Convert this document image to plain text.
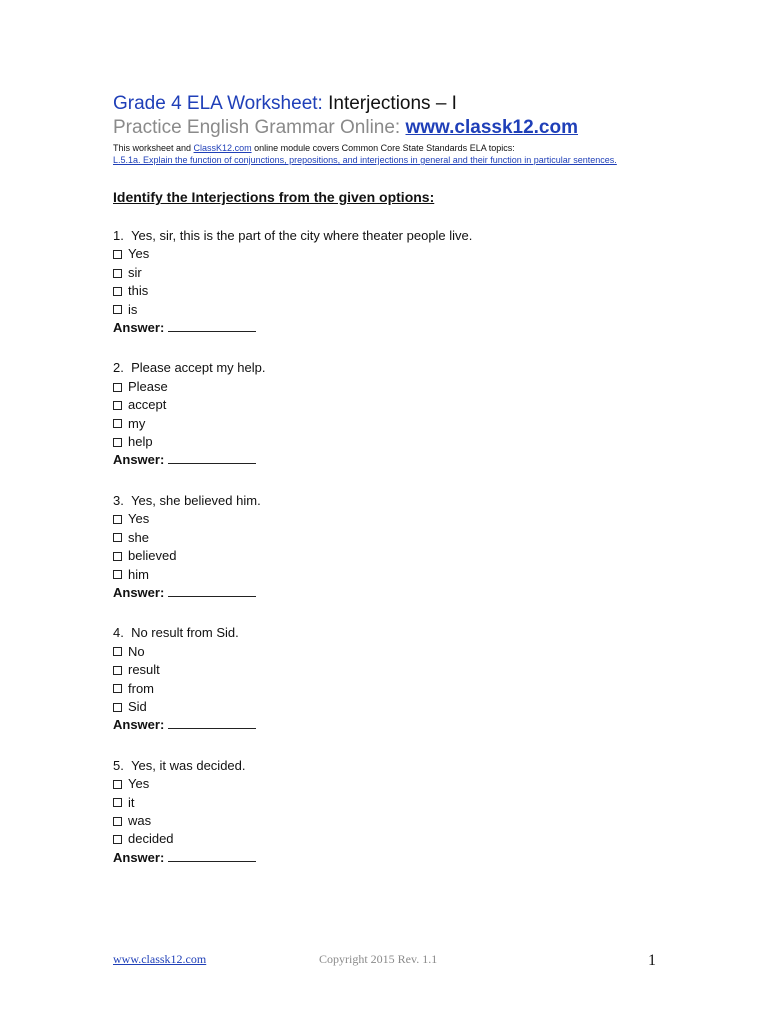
Grade 4 ELA Worksheet: Interjections – I
Practice English Grammar Online: www.classk12.com
This worksheet and ClassK12.com online module covers Common Core State Standards ELA topics:
L.5.1a. Explain the function of conjunctions, prepositions, and interjections in general and their function in particular sentences.
Identify the Interjections from the given options:
1. Yes, sir, this is the part of the city where theater people live.
Yes
sir
this
is
Answer:
2. Please accept my help.
Please
accept
my
help
Answer:
3. Yes, she believed him.
Yes
she
believed
him
Answer:
4. No result from Sid.
No
result
from
Sid
Answer:
5. Yes, it was decided.
Yes
it
was
decided
Answer:
www.classk12.com	Copyright 2015 Rev. 1.1	1
